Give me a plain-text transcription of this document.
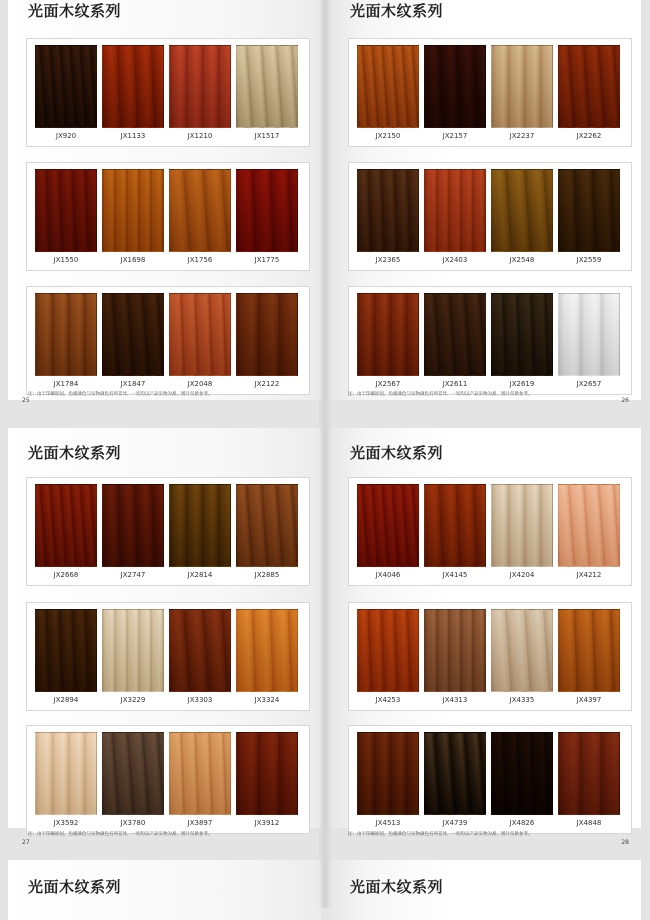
光面木纹系列
JX920	JX1133	JX1210	JX1517
JX1550	JX1698	JX1756	JX1775
JX1784	JX1847	JX2048	JX2122
注：由于印刷原因，色板颜色与实物颜色有所差异，一切均以产品实物为准，图片仅供参考。
25
光面木纹系列
JX2150	JX2157	JX2237	JX2262
JX2365	JX2403	JX2548	JX2559
JX2567	JX2611	JX2619	JX2657
注：由于印刷原因，色板颜色与实物颜色有所差异，一切均以产品实物为准，图片仅供参考。
26
光面木纹系列
JX2668	JX2747	JX2814	JX2885
JX2894	JX3229	JX3303	JX3324
JX3592	JX3780	JX3897	JX3912
注：由于印刷原因，色板颜色与实物颜色有所差异，一切均以产品实物为准，图片仅供参考。
27
光面木纹系列
JX4046	JX4145	JX4204	JX4212
JX4253	JX4313	JX4335	JX4397
JX4513	JX4739	JX4826	JX4848
注：由于印刷原因，色板颜色与实物颜色有所差异，一切均以产品实物为准，图片仅供参考。
28
光面木纹系列	光面木纹系列
